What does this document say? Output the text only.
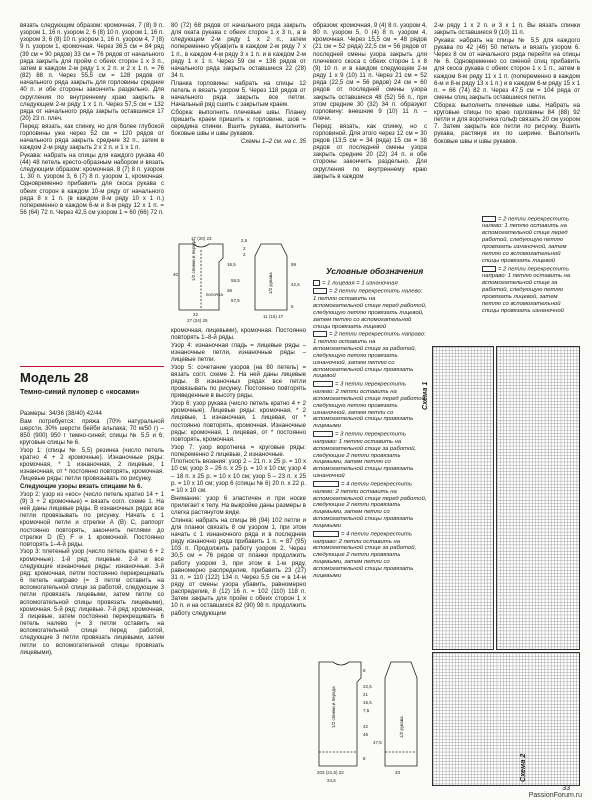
вязать следующим образом: кромочная, 7 (8) 9 п. узором 1, 16 п. узором 2, 6 (8) 10 п. узором 1, 16 п. узором 3, 6 (8) 10 п. узором 1, 16 п. узором 4, 7 (8) 9 п. узором 1, кромочная. Через 36,5 см = 84 ряд (39 см = 90 рядов) 33 см = 76 рядов от начального ряда закрыть для пройм с обеих сторон 1 х 3 п., затем в каждом 2-м ряду 1 х 2 п. и 2 х 1 п. = 76 (82) 88 п. Через 55,5 см = 128 рядов от начального ряда закрыть для горловины средние 40 п. и обе стороны закончить раздельно. Для скругления по внутреннему краю закрыть в следующем 2-м ряду 1 х 1 п. Через 57,5 см = 132 ряда от начального ряда закрыть оставшиеся 17 (20) 23 п. плеч.

Перед: вязать, как спинку, но для более глубокой горловины уже через 52 см = 120 рядов от начального ряда закрыть средние 32 п., затем в каждом 2-м ряду закрыть 2 х 2 п. и 1 х 1 п.

Рукава: набрать на спицы для каждого рукава 40 (44) 48 петель кресто-образным набором и вязать следующим образом: кромочная, 8 (7) 8 п. узором 1, 30 п. узором 3, 6 (7) 8 п. узором 1, кромочная. Одновременно прибавить для скоса рукава с обеих сторон в каждом 10-м ряду от начального ряда 8 х 1 п. (в каждом 8-м ряду 10 х 1 п.) попеременно в каждом 6-м и 8-м ряду 12 х 1 п. = 56 (64) 72 п. Через 42,5 см узором 1 = 60 (66) 72 п.

Модель 28
Темно-синий пуловер с «косами»

Размеры: 34/36 (38/40) 42/44

Вам потребуется: пряжа (70% натуральной шерсти, 30% шерсти бейби альпака; 70 м/50 г) – 850 (900) 950 г темно-синей; спицы № 5,5 и 6; круговые спицы № 6.

Узор 1: (спицы № 5,5) резинка (число петель кратно 4 + 2 кромочные). Изнаночные ряды: кромочная, * 1 изнаночная, 2 лицевые, 1 изнаночная, от * постоянно повторять, кромочная. Лицевые ряды: петли провязывать по рисунку.

Следующие узоры вязать спицами № 6.

Узор 2: узор из «кос» (число петель кратно 14 + 1 (9) 3 + 2 кромочные) = вязать согл. схеме 1. На ней даны лицевые ряды. В изнаночных рядах все петли провязывать по рисунку. Начать с 1 кромочной петли и стрелки A (B) C, раппорт постоянно повторять, закончить петлями до стрелки D (E) F и 1 кромочной. Постоянно повторять 1–4-й ряды.

Узор 3: плетеный узор (число петель кратно 6 + 2 кромочные). 1-й ряд: лицевые. 2-й и все следующие изнаночные ряды: изнаночные. 3-й ряд: кромочная, петли постоянно перекрещивать 6 петель направо (= 3 петли оставить на вспомогательной спице за работой, следующие 3 петли провязать лицевыми, затем петли со вспомогательной спицы провязать лицевыми), кромочная. 5-й ряд: лицевые. 7-й ряд: кромочная, 3 лицевые, затем постоянно перекрещивать 6 петель налево (= 3 петли оставить на вспомогательной спице перед работой, следующие 3 петли провязать лицевыми, затем петли со вспомогательной спицы провязать лицевыми),

80 (72) 68 рядов от начального ряда закрыть для оката рукава с обеих сторон 1 х 3 п., а в следующем 2-м ряду 1 х 2 п., затем попеременно уб(ав)ить в каждом 2-м ряду 7 х 1 п., в каждом 4-м ряду 3 х 1 п. и в каждом 2-м ряду 1 х 1 п. Через 59 см = 136 рядов от начального ряда закрыть оставшиеся 22 (28) 34 п.

Планка горловины: набрать на спицы 12 петель и вязать узором 5. Через 118 рядов от начального ряда закрыть все петли. Начальный ряд сшить с закрытым краем.

Сборка: выполнить плечевые швы. Планку пришить краем пришить к горловине, шов = середина спинки. Вшить рукава, выполнить боковые швы и швы рукавов.

Схемы 1–2 см. на с. 35

1/2 спинки и переда
1/2 рукава
полочка
16,5
2,5
2
2
17 (20) 23
22
27 (24) 25
36
40
55,5
57,5
42,5
59
11 (15) 17
5

кромочная, лицевыми), кромочная. Постоянно повторять 1–8-й ряды.

Узор 4: изнаночная гладь = лицевые ряды – изнаночные петли, изнаночные ряды – лицевые петли.

Узор 5: сочетание узоров (на 80 петель) = вязать согл. схеме 2. На ней даны лицевые ряды. В изнаночных рядах все петли провязывать по рисунку. Постоянно повторять приведенные в высоту ряды.

Узор 6: узор рукава (число петель кратно 4 + 2 кромочные). Лицевые ряды: кромочная, * 2 лицевые, 1 изнаночная, 1 лицевая, от * постоянно повторять, кромочная. Изнаночные ряды: кромочная, 1 лицевая, от * постоянно повторять, кромочная.

Узор 7: узор воротника = круговые ряды: попеременно 2 лицевые, 2 изнаночные.

Плотность вязания: узор 2 – 21 п. x 25 р. = 10 x 10 см; узор 3 – 26 п. x 25 р. = 10 x 10 см; узор 4 – 18 п. x 25 р. = 10 x 10 см; узор 5 – 23 п. x 25 р. = 10 x 10 см; узор 6 (спицы № 6) 20 п. x 22 р. = 10 x 10 см.

Внимание: узор 6 эластичен и при носке прилегает к телу. На выкройке даны размеры в слегка растянутом виде.

Спинка: набрать на спицы 86 (94) 102 петли и для планки связать 8 см узором 1, при этом начать с 1 изнаночного ряда и в последнем ряду изнаночно ряда прибавить 1 п. = 87 (95) 103 п. Продолжить работу узором 2. Через 30,5 см = 76 рядов от планки продолжить работу узором 3, при этом в 1-м ряду, равномерно распределив, прибавить 23 (27) 31 п. = 110 (122) 134 п. Через 5,5 см = в 14-м ряду от смены узора убавить, равномерно распределив, 8 (12) 16 п. = 102 (110) 118 п. Затем закрыть для пройм с обеих сторон 1 x 10 п. и на оставшихся 82 (90) 98 п. продолжить работу следующим

образом: кромочная, 9 (4) 8 п. узором 4, 80 п. узором 5, 0 (4) 8 п. узором 4, кромочная. Через 15,5 см = 48 рядов (21 см = 52 ряда) 22,5 см = 56 рядов от последней смены узора закрыть для плечевого скоса с обеих сторон 1 х 8 (9) 10 п. и в каждом следующем 2-м ряду 1 х 9 (10) 11 п. Через 21 см = 52 ряда (22,5 см = 56 рядов) 24 см = 60 рядов от последней смены узора закрыть оставшиеся 48 (52) 56 п., при этом средние 30 (32) 34 п. образуют горловину: внешние 9 (10) 11 п. – плечи.

Перед: вязать, как спинку, но с горловиной. Для этого через 12 см = 30 рядов (13,5 см = 34 ряда) 15 см = 38 рядов от последней смены узора закрыть средние 20 (22) 24 п. и обе стороны закончить раздельно. Для скругления по внутреннему краю закрыть в каждом

Условные обозначения
= 1 лицевая = 1 изнаночная
= 2 петли перекрестить налево: 1 петлю оставить на вспомогательной спице перед работой, следующую петлю провязать лицевой, затем петлю со вспомогательной спицы провязать лицевой
= 2 петли перекрестить направо: 1 петлю оставить на вспомогательной спице за работой, следующую петлю провязать изнаночной, затем петлю со вспомогательной спицы провязать лицевой
= 3 петли перекрестить налево: 2 петли оставить на вспомогательной спице перед работой, следующую петлю провязать изнаночной, затем петли со вспомогательной спицы провязать лицевыми
= 3 петли перекрестить направо: 1 петлю оставить на вспомогательной спице за работой, следующие 2 петли провязать лицевыми, затем петлю со вспомогательной спицы провязать изнаночной
= 4 петли перекрестить налево: 2 петли оставить на вспомогательной спице перед работой, следующие 2 петли провязать лицевыми, затем петли со вспомогательной спицы провязать лицевыми
= 4 петли перекрестить направо: 2 петли оставить на вспомогательной спице за работой, следующие 2 петли провязать лицевыми, затем петли со вспомогательной спицы провязать лицевыми
1/2 спинки и переда	1/2 рукава
8
22,5
21
15,5
7,5
42
46
47,5
8
203 (21,5) 22
24,5
33

2-м ряду 1 х 2 п. и 3 х 1 п. Вы вязать спинки закрыть оставшиеся 9 (10) 11 п.

Рукава: набрать на спицы № 5,5 для каждого рукава по 42 (46) 50 петель и вязать узором 6. Через 8 см от начального ряда перейти на спицы № 6. Одновременно со сменой спиц прибавить для скоса рукава с обеих сторон 1 х 1 п., затем в каждом 8-м ряду 11 х 1 п. (попеременно в каждом 6-м и 8-м ряду 13 х 1 п.) и в каждом 6-м ряду 15 х 1 п. = 66 (74) 82 п. Через 47,5 см = 104 ряда от смены спиц закрыть оставшиеся петли.

Сборка: выполнить плечевые швы. Набрать на круговые спицы по краю горловины 84 (88) 92 петли и для воротника гольф связать 20 см узором 7. Затем закрыть все петли по рисунку. Вшить рукава, растянув их по ширине. Выполнить боковые швы и швы рукавов.

= 2 петли перекрестить налево: 1 петлю оставить на вспомогательной спице перед работой, следующую петлю провязать изнаночной, затем петлю со вспомогательной спицы провязать лицевой
= 2 петли перекрестить направо: 1 петлю оставить на вспомогательной спице за работой, следующую петлю провязать лицевой, затем петлю со вспомогательной спицы провязать изнаночной
Схема 1
Схема 2
33
PassionForum.ru
